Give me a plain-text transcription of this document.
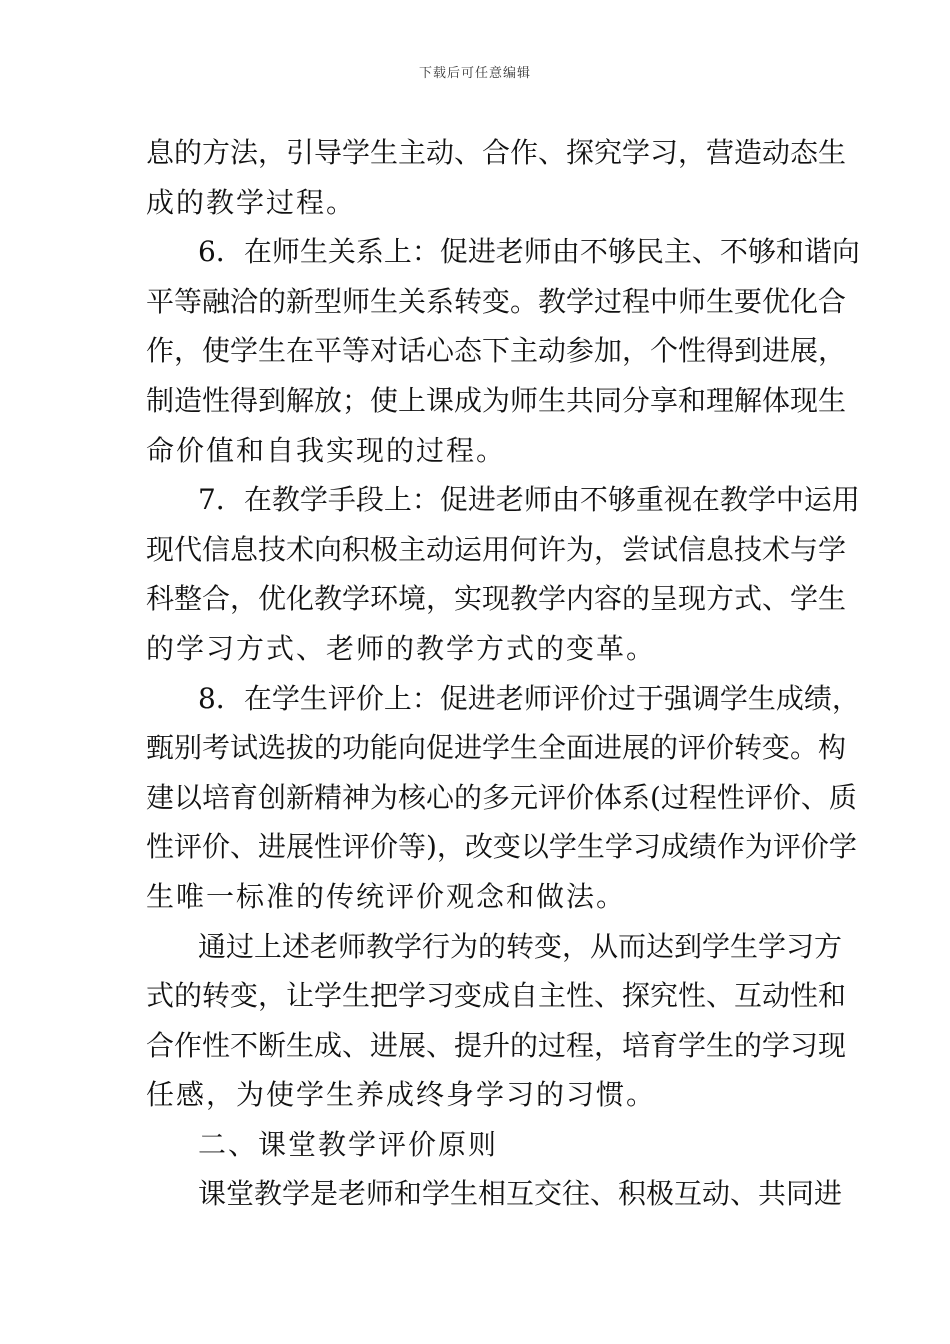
下载后可任意编辑
息的方法，引导学生主动、合作、探究学习，营造动态生
成的教学过程。
6．在师生关系上：促进老师由不够民主、不够和谐向
平等融洽的新型师生关系转变。教学过程中师生要优化合
作，使学生在平等对话心态下主动参加，个性得到进展，
制造性得到解放；使上课成为师生共同分享和理解体现生
命价值和自我实现的过程。
7．在教学手段上：促进老师由不够重视在教学中运用
现代信息技术向积极主动运用何许为，尝试信息技术与学
科整合，优化教学环境，实现教学内容的呈现方式、学生
的学习方式、老师的教学方式的变革。
8．在学生评价上：促进老师评价过于强调学生成绩，
甄别考试选拔的功能向促进学生全面进展的评价转变。构
建以培育创新精神为核心的多元评价体系(过程性评价、质
性评价、进展性评价等)，改变以学生学习成绩作为评价学
生唯一标准的传统评价观念和做法。
通过上述老师教学行为的转变，从而达到学生学习方
式的转变，让学生把学习变成自主性、探究性、互动性和
合作性不断生成、进展、提升的过程，培育学生的学习现
任感，为使学生养成终身学习的习惯。
二、课堂教学评价原则
课堂教学是老师和学生相互交往、积极互动、共同进
